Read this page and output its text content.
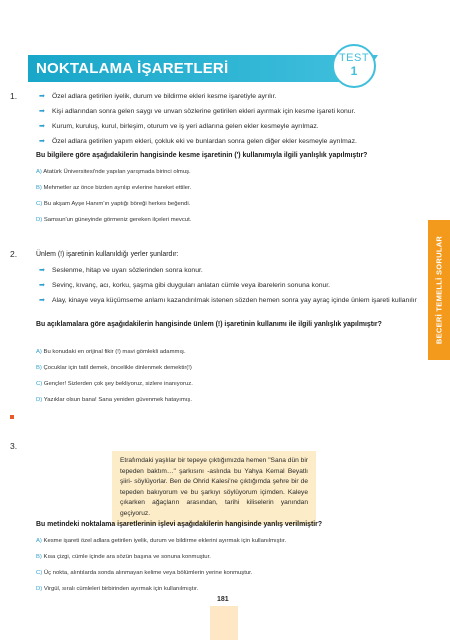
NOKTALAMA İŞARETLERİ
TEST
1
BECERİ TEMELLİ SORULAR
1.	➡ Özel adlara getirilen iyelik, durum ve bildirme ekleri kesme işaretiyle ayrılır.
➡ Kişi adlarından sonra gelen saygı ve unvan sözlerine getirilen ekleri ayırmak için kesme işareti konur.
➡ Kurum, kuruluş, kurul, birleşim, oturum ve iş yeri adlarına gelen ekler kesmeyle ayrılmaz.
➡ Özel adlara getirilen yapım ekleri, çokluk eki ve bunlardan sonra gelen diğer ekler kesmeyle ayrılmaz.
Bu bilgilere göre aşağıdakilerin hangisinde kesme işaretinin (') kullanımıyla ilgili yanlışlık yapılmıştır?
A) Atatürk Üniversitesi'nde yapılan yarışmada birinci olmuş.
B) Mehmetler az önce bizden ayrılıp evlerine hareket ettiler.
C) Bu akşam Ayşe Hanım'ın yaptığı böreği herkes beğendi.
D) Samsun'un güneyinde görmeniz gereken ilçeleri mevcut.
2.	Ünlem (!) işaretinin kullanıldığı yerler şunlardır:
➡ Seslenme, hitap ve uyarı sözlerinden sonra konur.
➡ Sevinç, kıvanç, acı, korku, şaşma gibi duyguları anlatan cümle veya ibarelerin sonuna konur.
➡ Alay, kinaye veya küçümseme anlamı kazandırılmak istenen sözden hemen sonra yay ayraç içinde ünlem işareti kullanılır
Bu açıklamalara göre aşağıdakilerin hangisinde ünlem (!) işaretinin kullanımı ile ilgili yanlışlık yapılmıştır?
A) Bu konudaki en orijinal fikir (!) mavi gömlekli adammış.
B) Çocuklar için tatil demek, öncelikle dinlenmek demektir(!)
C) Gençler! Sizlerden çok şey bekliyoruz, sizlere inanıyoruz.
D) Yazıklar olsun bana! Sana yeniden güvenmek hatayımış.
3.
Etrafımdaki yaşlılar bir tepeye çıktığımızda hemen "Sana dün bir tepeden baktım…" şarkısını -aslında bu Yahya Kemal Beyatlı şiiri- söylüyorlar. Ben de Ohrid Kalesi'ne çıktığımda şehre bir de tepeden bakıyorum ve bu şarkıyı söylüyorum içimden. Kaleye çıkarken ağaçların arasından, tarihi kiliselerin yanından geçiyoruz.
Bu metindeki noktalama işaretlerinin işlevi aşağıdakilerin hangisinde yanlış verilmiştir?
A) Kesme işareti özel adlara getirilen iyelik, durum ve bildirme eklerini ayırmak için kullanılmıştır.
B) Kısa çizgi, cümle içinde ara sözün başına ve sonuna konmuştur.
C) Üç nokta, alıntılarda sonda alınmayan kelime veya bölümlerin yerine konmuştur.
D) Virgül, sıralı cümleleri birbirinden ayırmak için kullanılmıştır.
181
